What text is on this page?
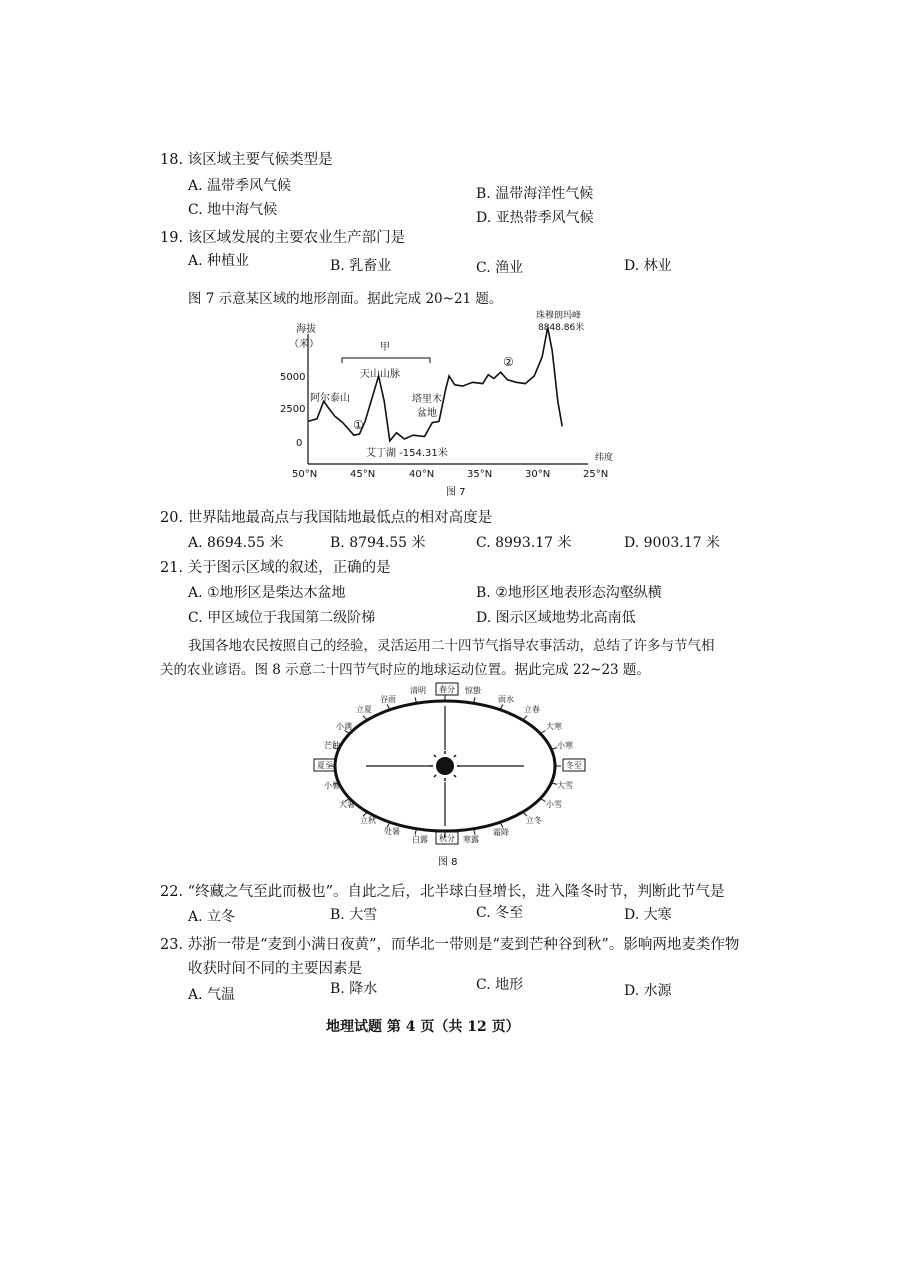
18. 该区域主要气候类型是
A. 温带季风气候	B. 温带海洋性气候
C. 地中海气候	D. 亚热带季风气候
19. 该区域发展的主要农业生产部门是
A. 种植业	B. 乳畜业	C. 渔业	D. 林业
图 7 示意某区域的地形剖面。据此完成 20~21 题。
海拔
（米）
5000
2500
0
甲
天山山脉
阿尔泰山	塔里木
盆地
艾丁湖 -154.31米
珠穆朗玛峰
8848.86米
①
②
50°N	45°N	40°N	35°N	30°N	25°N
纬度
图 7
20. 世界陆地最高点与我国陆地最低点的相对高度是
A. 8694.55 米	B. 8794.55 米	C. 8993.17 米	D. 9003.17 米
21. 关于图示区域的叙述，正确的是
A. ①地形区是柴达木盆地	B. ②地形区地表形态沟壑纵横
C. 甲区域位于我国第二级阶梯	D. 图示区域地势北高南低
我国各地农民按照自己的经验，灵活运用二十四节气指导农事活动，总结了许多与节气相
关的农业谚语。图 8 示意二十四节气时应的地球运动位置。据此完成 22~23 题。
谷雨
清明 春分 惊蛰
雨水
立春
大寒
小寒
冬至
大雪
小雪
立冬
霜降
寒露
秋分
白露
处暑
立秋
大暑
小暑
夏至
芒种
小满
立夏
图 8
22. “终藏之气至此而极也”。自此之后，北半球白昼增长，进入隆冬时节，判断此节气是
A. 立冬	B. 大雪	C. 冬至	D. 大寒
23. 苏浙一带是“麦到小满日夜黄”，而华北一带则是“麦到芒种谷到秋”。影响两地麦类作物
收获时间不同的主要因素是
A. 气温	B. 降水	C. 地形	D. 水源
地理试题 第 4 页（共 12 页）
